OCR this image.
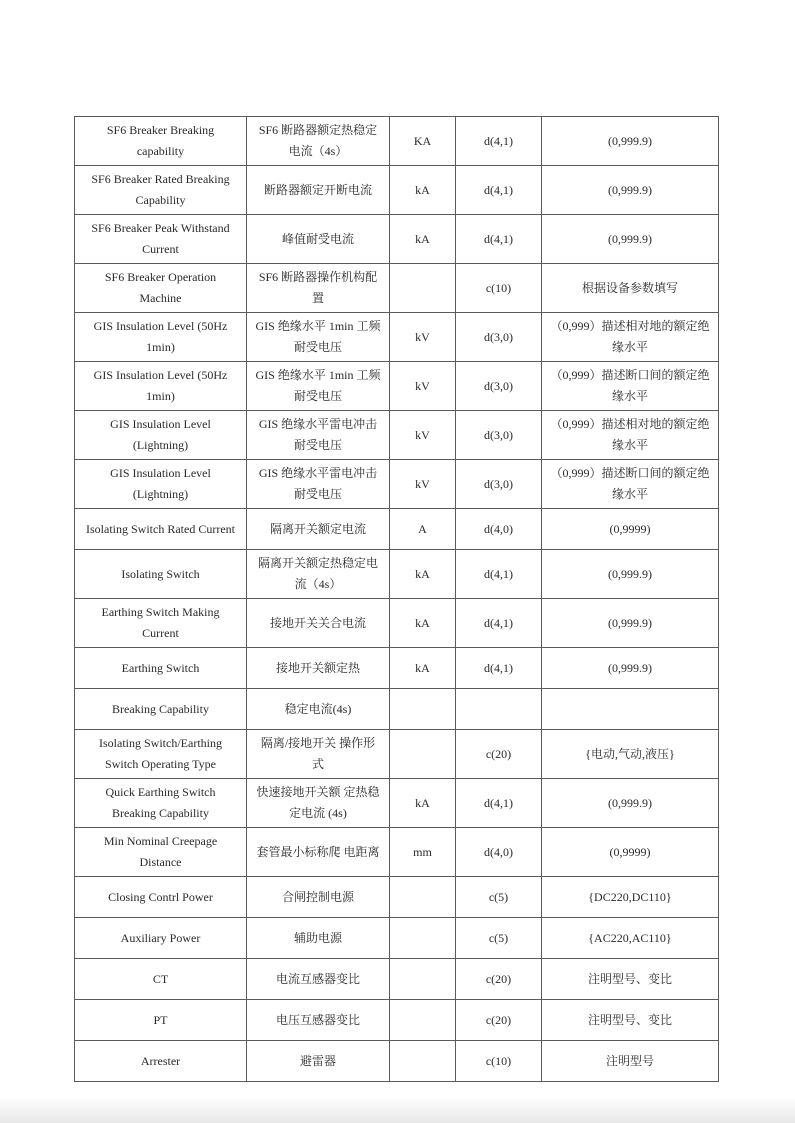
SF6 Breaker Breaking capability	SF6 断路器额定热稳定电流（4s）	KA	d(4,1)	(0,999.9)
SF6 Breaker Rated Breaking Capability	断路器额定开断电流	kA	d(4,1)	(0,999.9)
SF6 Breaker Peak Withstand Current	峰值耐受电流	kA	d(4,1)	(0,999.9)
SF6 Breaker Operation Machine	SF6 断路器操作机构配置		c(10)	根据设备参数填写
GIS Insulation Level (50Hz 1min)	GIS 绝缘水平 1min 工频耐受电压	kV	d(3,0)	（0,999）描述相对地的额定绝缘水平
GIS Insulation Level (50Hz 1min)	GIS 绝缘水平 1min 工频耐受电压	kV	d(3,0)	（0,999）描述断口间的额定绝缘水平
GIS Insulation Level (Lightning)	GIS 绝缘水平雷电冲击耐受电压	kV	d(3,0)	（0,999）描述相对地的额定绝缘水平
GIS Insulation Level (Lightning)	GIS 绝缘水平雷电冲击耐受电压	kV	d(3,0)	（0,999）描述断口间的额定绝缘水平
Isolating Switch Rated Current	隔离开关额定电流	A	d(4,0)	(0,9999)
Isolating Switch	隔离开关额定热稳定电流（4s）	kA	d(4,1)	(0,999.9)
Earthing Switch Making Current	接地开关关合电流	kA	d(4,1)	(0,999.9)
Earthing Switch	接地开关额定热	kA	d(4,1)	(0,999.9)
Breaking Capability	稳定电流(4s)			
Isolating Switch/Earthing Switch Operating Type	隔离/接地开关 操作形式		c(20)	{电动,气动,液压}
Quick Earthing Switch Breaking Capability	快速接地开关额 定热稳定电流 (4s)	kA	d(4,1)	(0,999.9)
Min Nominal Creepage Distance	套管最小标称爬 电距离	mm	d(4,0)	(0,9999)
Closing Contrl Power	合闸控制电源		c(5)	{DC220,DC110}
Auxiliary Power	辅助电源		c(5)	{AC220,AC110}
CT	电流互感器变比		c(20)	注明型号、变比
PT	电压互感器变比		c(20)	注明型号、变比
Arrester	避雷器		c(10)	注明型号
